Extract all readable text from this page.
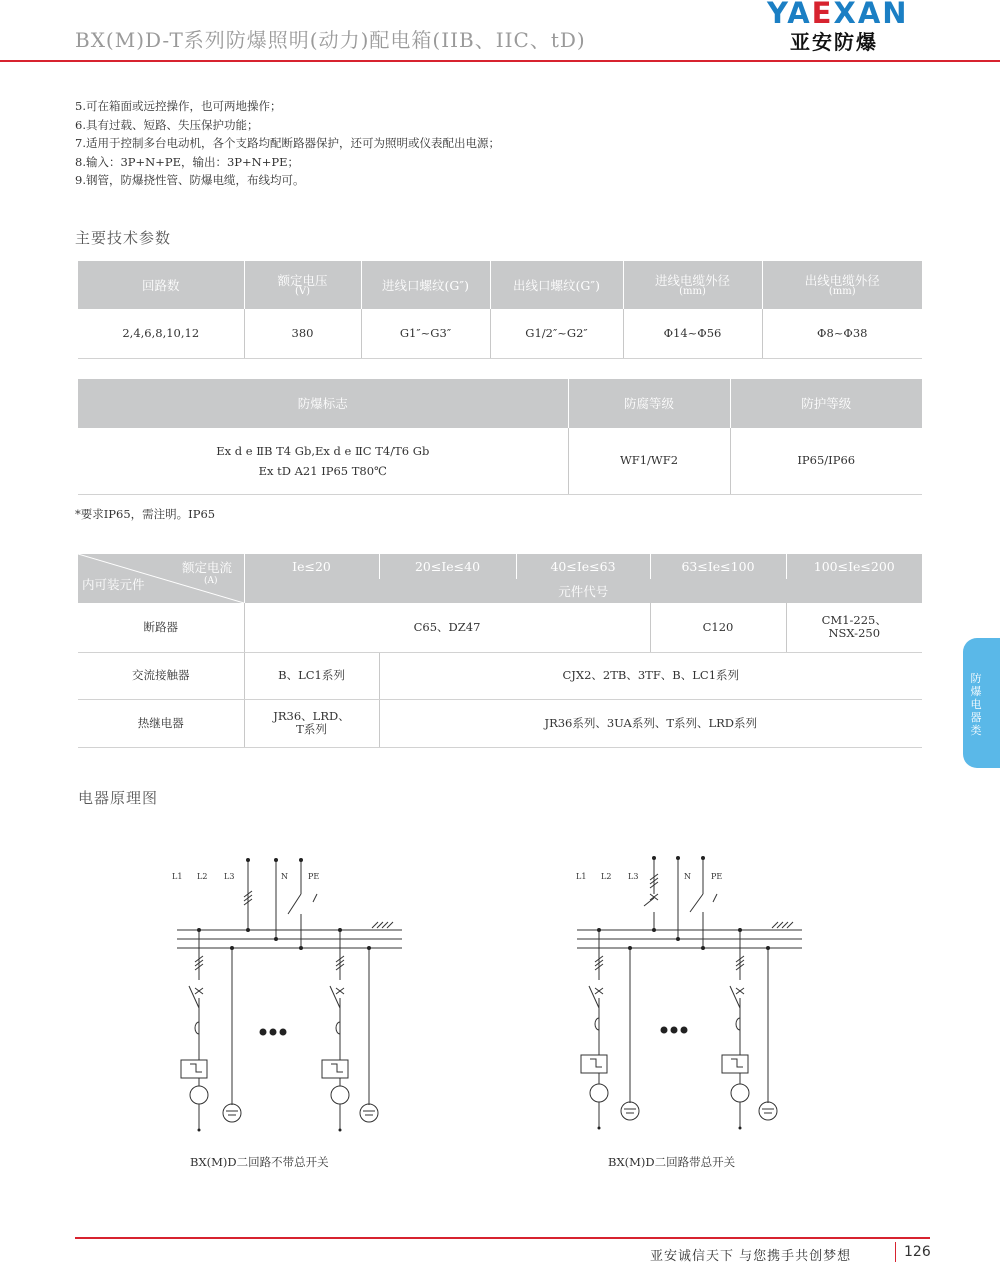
BX(M)D-T系列防爆照明(动力)配电箱(IIB、IIC、tD)
YAEXAN
亚安防爆
5.可在箱面或远控操作，也可两地操作；
6.具有过载、短路、失压保护功能；
7.适用于控制多台电动机，各个支路均配断路器保护，还可为照明或仪表配出电源；
8.输入：3P+N+PE，输出：3P+N+PE；
9.钢管，防爆挠性管、防爆电缆，布线均可。
主要技术参数
回路数	额定电压
(V)	进线口螺纹(G″)	出线口螺纹(G″)	进线电缆外径
(mm)	出线电缆外径
(mm)

2,4,6,8,10,12	380	G1″~G3″	G1/2″~G2″	Φ14~Φ56	Φ8~Φ38
防爆标志	防腐等级	防护等级

Ex d e ⅡB T4 Gb,Ex d e ⅡC T4/T6 Gb
Ex tD A21 IP65 T80℃	WF1/WF2	IP65/IP66
*要求IP65，需注明。IP65
额定电流
(A)
内可装元件	Ie≤20	20≤Ie≤40	40≤Ie≤63	63≤Ie≤100	100≤Ie≤200
	元件代号				
断路器	C65、DZ47			C120	CM1-225、
NSX-250

交流接触器	B、LC1系列	CJX2、2TB、3TF、B、LC1系列			
热继电器	JR36、LRD、
T系列	JR36系列、3UA系列、T系列、LRD系列			
防爆电器类
电器原理图
L1 L2 L3	N	PE	L1 L2 L3	N	PE
BX(M)D二回路不带总开关	BX(M)D二回路带总开关
亚安诚信天下 与您携手共创梦想	126
